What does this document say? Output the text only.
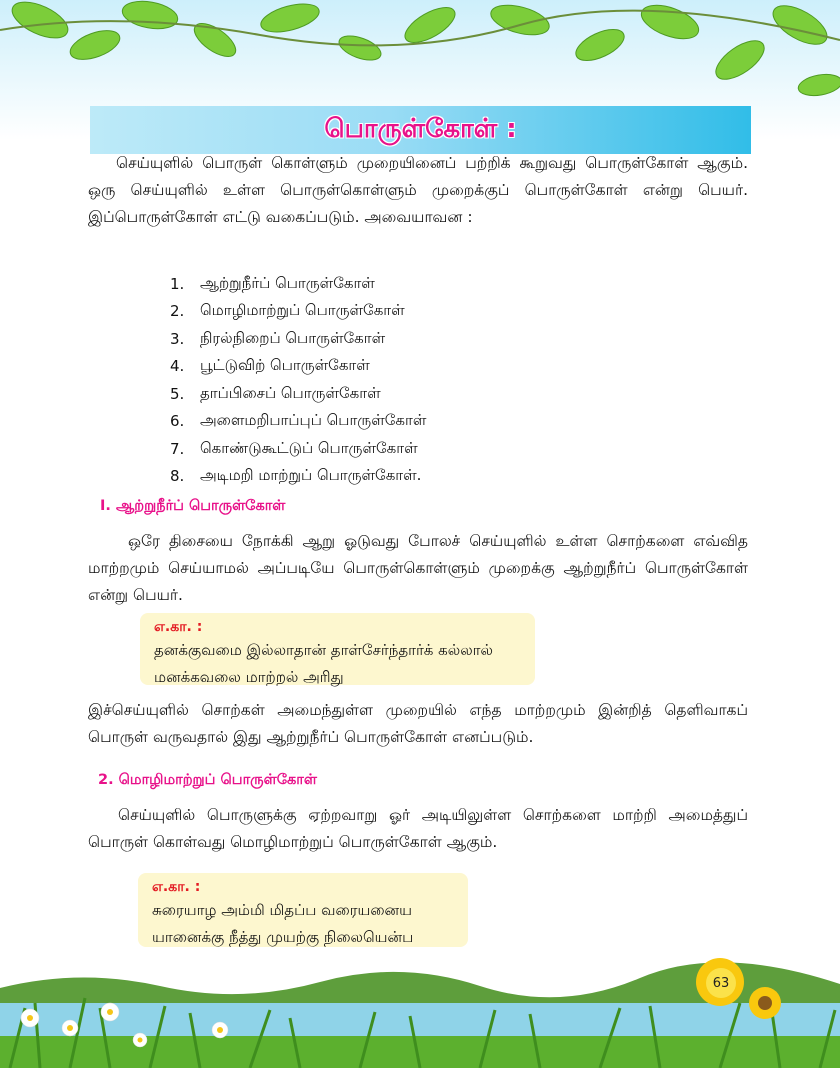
பொருள்கோள் :

செய்யுளில் பொருள் கொள்ளும் முறையினைப் பற்றிக் கூறுவது பொருள்கோள் ஆகும். ஒரு செய்யுளில் உள்ள பொருள்கொள்ளும் முறைக்குப் பொருள்கோள் என்று பெயர். இப்பொருள்கோள் எட்டு வகைப்படும். அவையாவன :

1.	ஆற்றுநீர்ப் பொருள்கோள்
2.	மொழிமாற்றுப் பொருள்கோள்
3.	நிரல்நிறைப் பொருள்கோள்
4.	பூட்டுவிற் பொருள்கோள்
5.	தாப்பிசைப் பொருள்கோள்
6.	அளைமறிபாப்புப் பொருள்கோள்
7.	கொண்டுகூட்டுப் பொருள்கோள்
8.	அடிமறி மாற்றுப் பொருள்கோள்.
I. ஆற்றுநீர்ப் பொருள்கோள்

ஒரே திசையை நோக்கி ஆறு ஓடுவது போலச் செய்யுளில் உள்ள சொற்களை எவ்வித மாற்றமும் செய்யாமல் அப்படியே பொருள்கொள்ளும் முறைக்கு ஆற்றுநீர்ப் பொருள்கோள் என்று பெயர்.

எ.கா. :
தனக்குவமை இல்லாதான் தாள்சேர்ந்தார்க் கல்லால்
மனக்கவலை மாற்றல் அரிது

இச்செய்யுளில் சொற்கள் அமைந்துள்ள முறையில் எந்த மாற்றமும் இன்றித் தெளிவாகப் பொருள் வருவதால் இது ஆற்றுநீர்ப் பொருள்கோள் எனப்படும்.

2. மொழிமாற்றுப் பொருள்கோள்

செய்யுளில் பொருளுக்கு ஏற்றவாறு ஓர் அடியிலுள்ள சொற்களை மாற்றி அமைத்துப் பொருள் கொள்வது மொழிமாற்றுப் பொருள்கோள் ஆகும்.

எ.கா. :
சுரையாழ அம்மி மிதப்ப வரையனைய
யானைக்கு நீத்து முயற்கு நிலையென்ப
63
